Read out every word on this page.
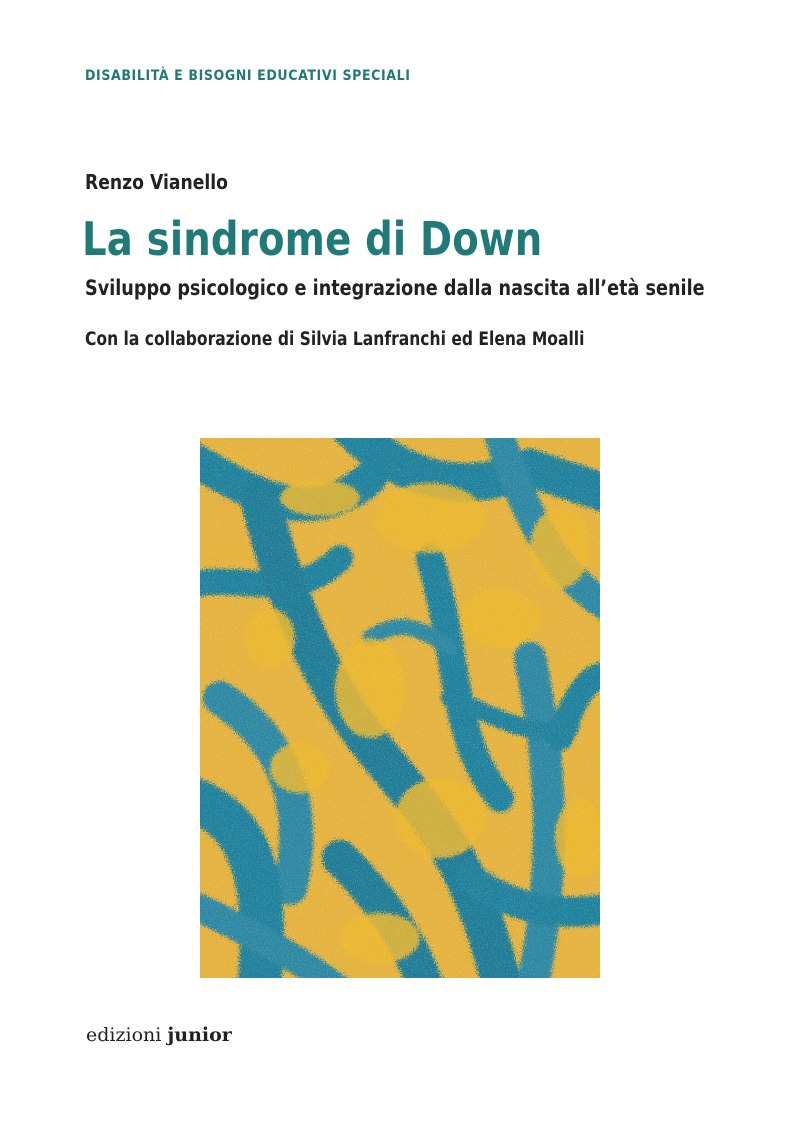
DISABILITÀ E BISOGNI EDUCATIVI SPECIALI
Renzo Vianello
La sindrome di Down
Sviluppo psicologico e integrazione dalla nascita all’età senile
Con la collaborazione di Silvia Lanfranchi ed Elena Moalli
edizioni junior
